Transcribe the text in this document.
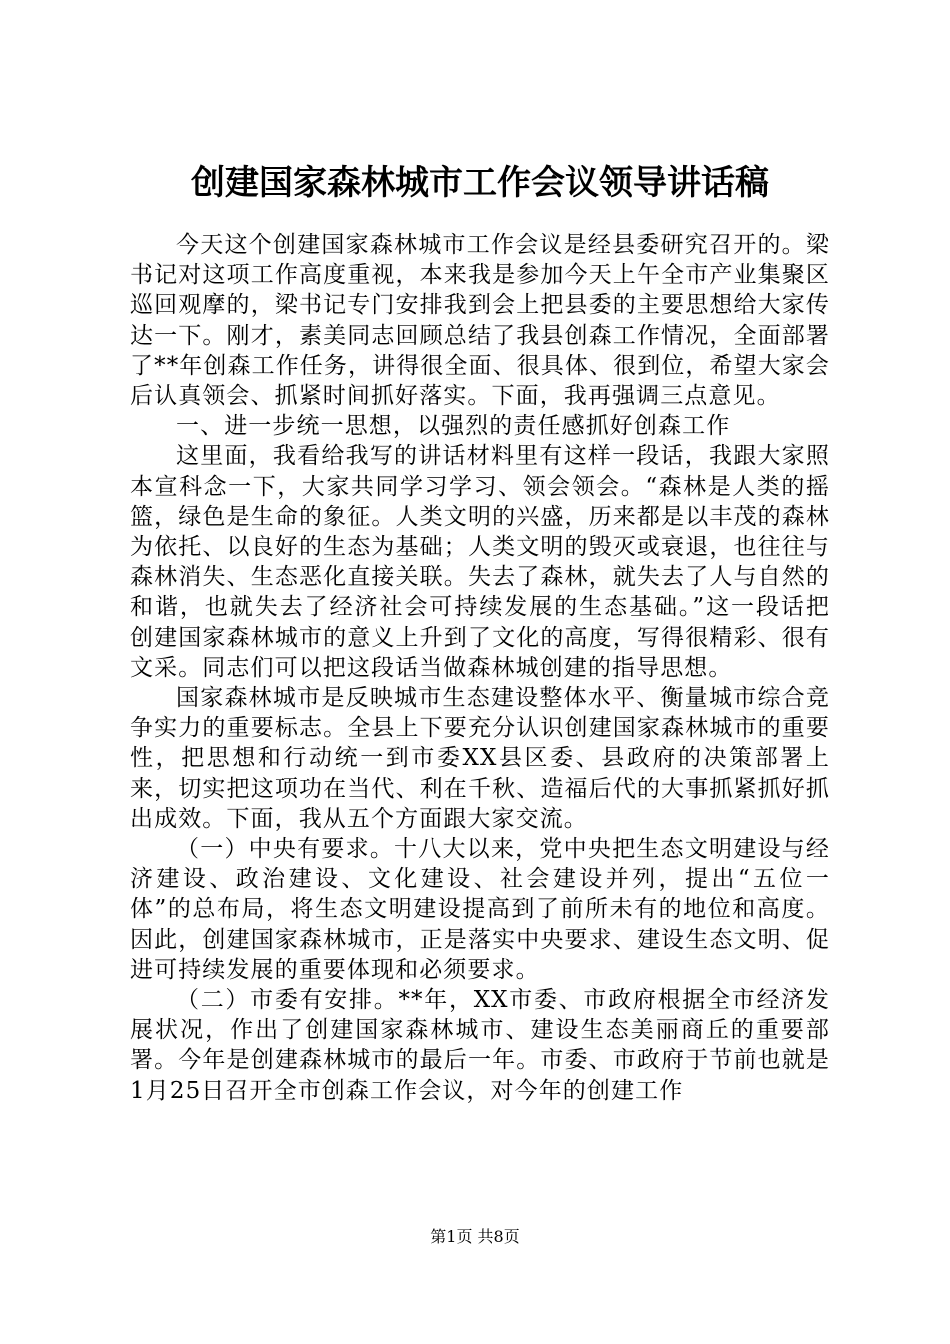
创建国家森林城市工作会议领导讲话稿

今天这个创建国家森林城市工作会议是经县委研究召开的。梁书记对这项工作高度重视，本来我是参加今天上午全市产业集聚区巡回观摩的，梁书记专门安排我到会上把县委的主要思想给大家传达一下。刚才，素美同志回顾总结了我县创森工作情况，全面部署了**年创森工作任务，讲得很全面、很具体、很到位，希望大家会后认真领会、抓紧时间抓好落实。下面，我再强调三点意见。

一、进一步统一思想，以强烈的责任感抓好创森工作

这里面，我看给我写的讲话材料里有这样一段话，我跟大家照本宣科念一下，大家共同学习学习、领会领会。“森林是人类的摇篮，绿色是生命的象征。人类文明的兴盛，历来都是以丰茂的森林为依托、以良好的生态为基础；人类文明的毁灭或衰退，也往往与森林消失、生态恶化直接关联。失去了森林，就失去了人与自然的和谐，也就失去了经济社会可持续发展的生态基础。”这一段话把创建国家森林城市的意义上升到了文化的高度，写得很精彩、很有文采。同志们可以把这段话当做森林城创建的指导思想。

国家森林城市是反映城市生态建设整体水平、衡量城市综合竞争实力的重要标志。全县上下要充分认识创建国家森林城市的重要性，把思想和行动统一到市委XX县区委、县政府的决策部署上来，切实把这项功在当代、利在千秋、造福后代的大事抓紧抓好抓出成效。下面，我从五个方面跟大家交流。

（一）中央有要求。十八大以来，党中央把生态文明建设与经济建设、政治建设、文化建设、社会建设并列，提出“五位一体”的总布局，将生态文明建设提高到了前所未有的地位和高度。因此，创建国家森林城市，正是落实中央要求、建设生态文明、促进可持续发展的重要体现和必须要求。

（二）市委有安排。**年，XX市委、市政府根据全市经济发展状况，作出了创建国家森林城市、建设生态美丽商丘的重要部署。今年是创建森林城市的最后一年。市委、市政府于节前也就是1月25日召开全市创森工作会议，对今年的创建工作

第1页 共8页
